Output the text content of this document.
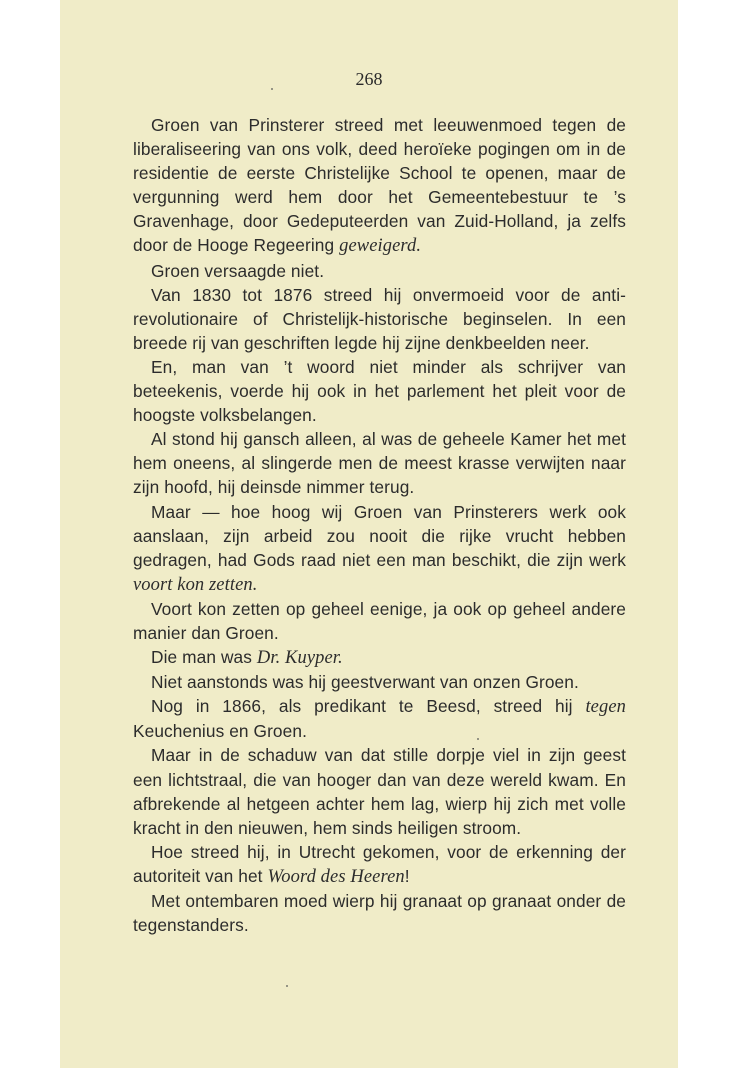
268

Groen van Prinsterer streed met leeuwenmoed tegen de liberaliseering van ons volk, deed heroïeke pogingen om in de residentie de eerste Christelijke School te openen, maar de vergunning werd hem door het Gemeentebestuur te ’s Gravenhage, door Gedeputeerden van Zuid-Holland, ja zelfs door de Hooge Regeering geweigerd.

Groen versaagde niet.

Van 1830 tot 1876 streed hij onvermoeid voor de anti-revolutionaire of Christelijk-historische beginselen. In een breede rij van geschriften legde hij zijne denkbeelden neer.

En, man van ’t woord niet minder als schrijver van beteekenis, voerde hij ook in het parlement het pleit voor de hoogste volksbelangen.

Al stond hij gansch alleen, al was de geheele Kamer het met hem oneens, al slingerde men de meest krasse verwijten naar zijn hoofd, hij deinsde nimmer terug.

Maar — hoe hoog wij Groen van Prinsterers werk ook aanslaan, zijn arbeid zou nooit die rijke vrucht hebben gedragen, had Gods raad niet een man beschikt, die zijn werk voort kon zetten.

Voort kon zetten op geheel eenige, ja ook op geheel andere manier dan Groen.

Die man was Dr. Kuyper.

Niet aanstonds was hij geestverwant van onzen Groen.

Nog in 1866, als predikant te Beesd, streed hij tegen Keuchenius en Groen.

Maar in de schaduw van dat stille dorpje viel in zijn geest een lichtstraal, die van hooger dan van deze wereld kwam. En afbrekende al hetgeen achter hem lag, wierp hij zich met volle kracht in den nieuwen, hem sinds heiligen stroom.

Hoe streed hij, in Utrecht gekomen, voor de erkenning der autoriteit van het Woord des Heeren!

Met ontembaren moed wierp hij granaat op granaat onder de tegenstanders.
